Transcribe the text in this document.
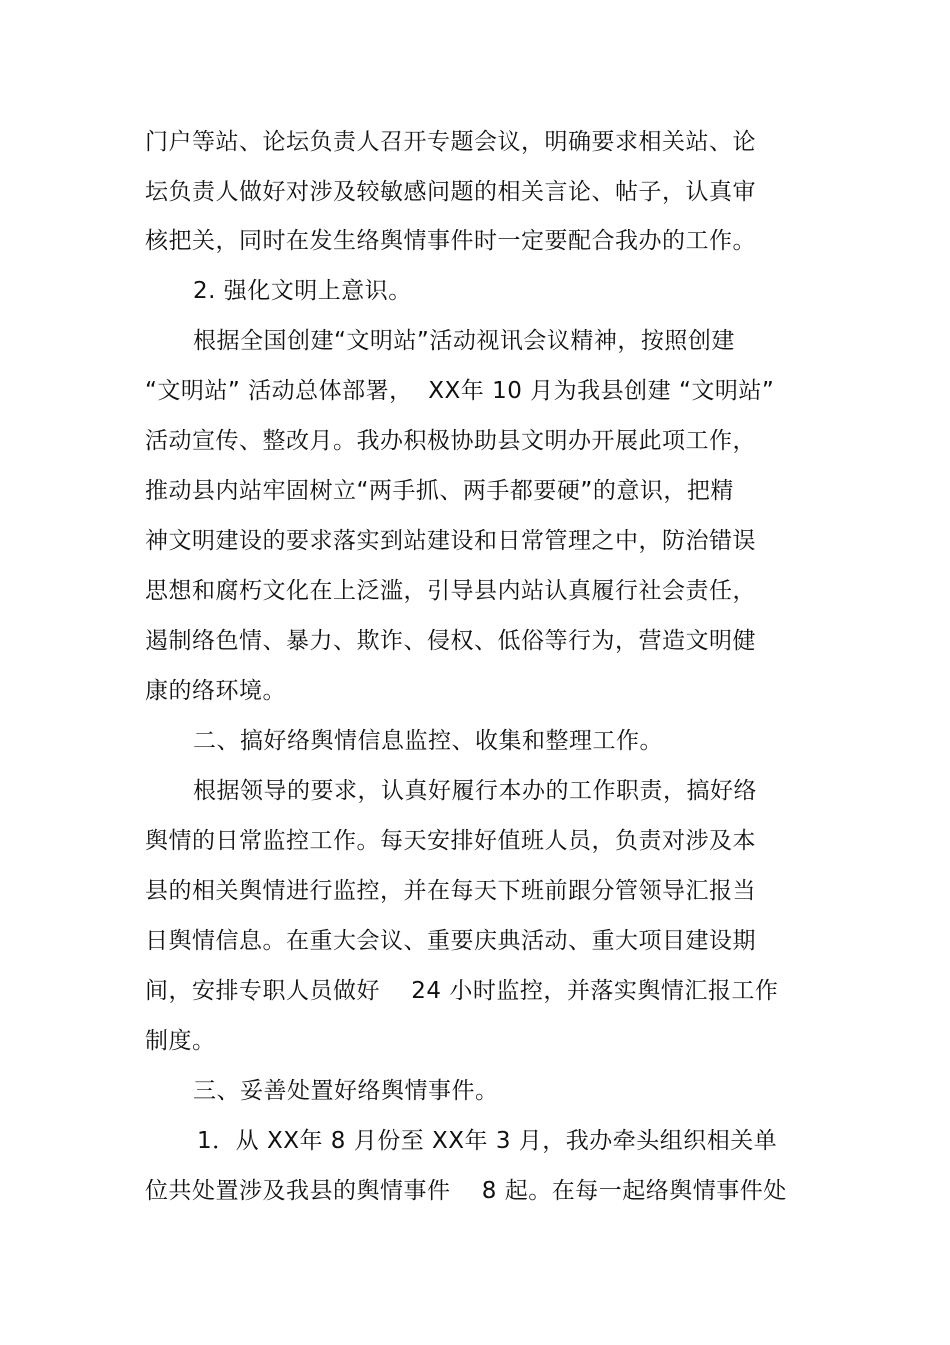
门户等站、论坛负责人召开专题会议，明确要求相关站、论
坛负责人做好对涉及较敏感问题的相关言论、帖子，认真审
核把关，同时在发生络舆情事件时一定要配合我办的工作。
2. 强化文明上意识。
根据全国创建“文明站”活动视讯会议精神，按照创建
“文明站” 活动总体部署，  XX年 10 月为我县创建 “文明站”
活动宣传、整改月。我办积极协助县文明办开展此项工作，
推动县内站牢固树立“两手抓、两手都要硬”的意识，把精
神文明建设的要求落实到站建设和日常管理之中，防治错误
思想和腐朽文化在上泛滥，引导县内站认真履行社会责任，
遏制络色情、暴力、欺诈、侵权、低俗等行为，营造文明健
康的络环境。
二、搞好络舆情信息监控、收集和整理工作。
根据领导的要求，认真好履行本办的工作职责，搞好络
舆情的日常监控工作。每天安排好值班人员，负责对涉及本
县的相关舆情进行监控，并在每天下班前跟分管领导汇报当
日舆情信息。在重大会议、重要庆典活动、重大项目建设期
间，安排专职人员做好    24 小时监控，并落实舆情汇报工作
制度。
三、妥善处置好络舆情事件。
1．从 XX年 8 月份至 XX年 3 月，我办牵头组织相关单
位共处置涉及我县的舆情事件    8 起。在每一起络舆情事件处
